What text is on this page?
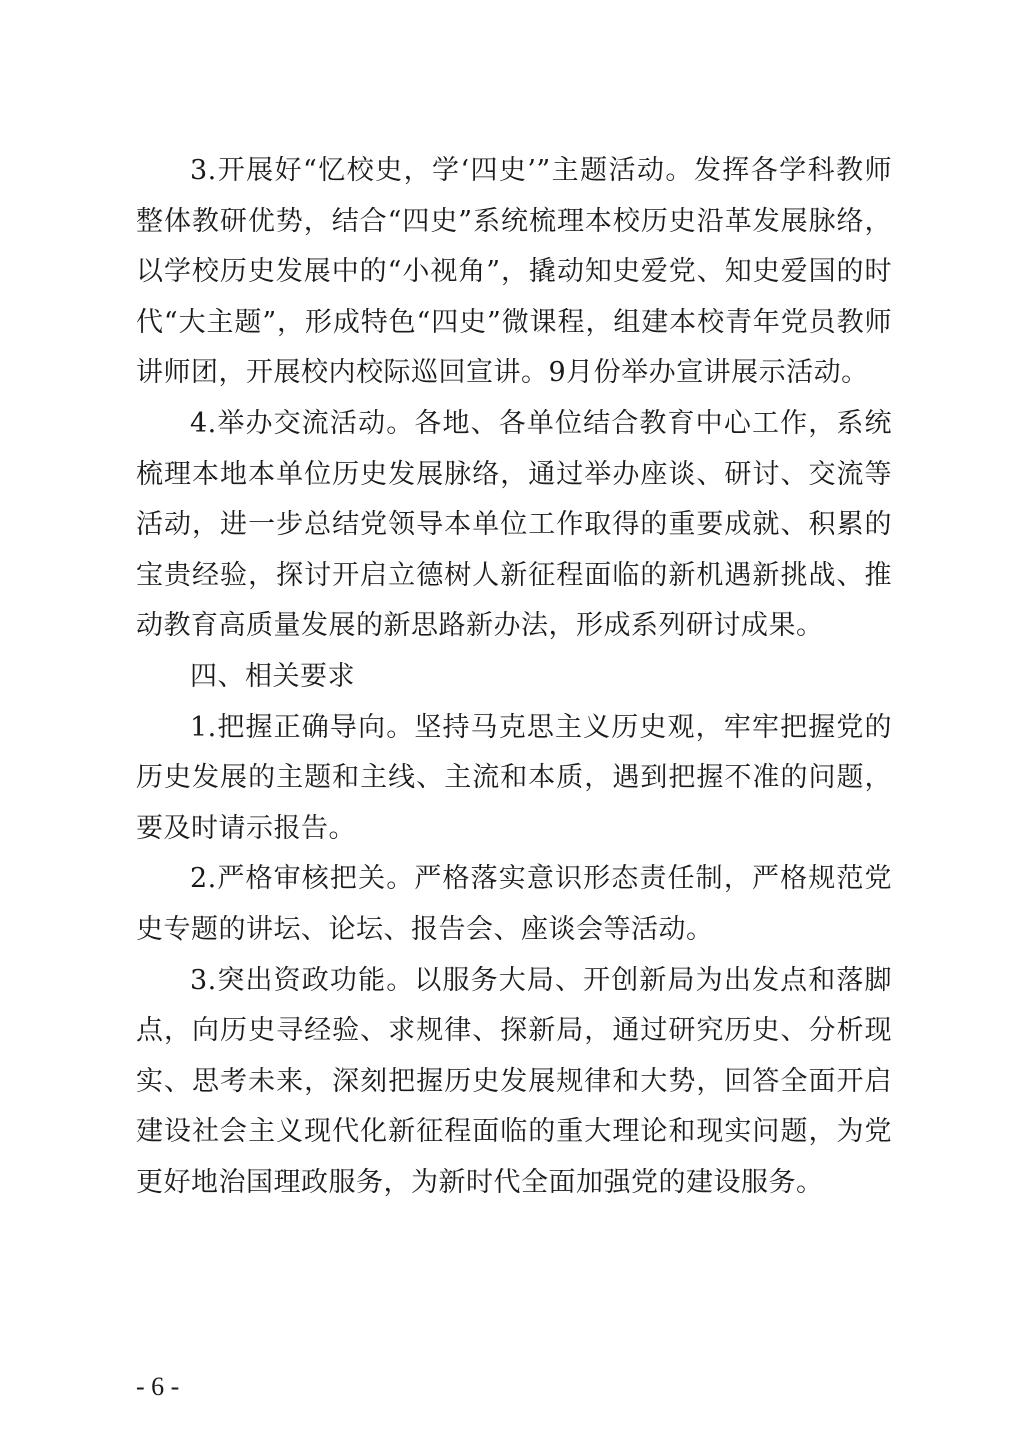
3.开展好“忆校史，学‘四史’”主题活动。发挥各学科教师整体教研优势，结合“四史”系统梳理本校历史沿革发展脉络，以学校历史发展中的“小视角”，撬动知史爱党、知史爱国的时代“大主题”，形成特色“四史”微课程，组建本校青年党员教师讲师团，开展校内校际巡回宣讲。9月份举办宣讲展示活动。

4.举办交流活动。各地、各单位结合教育中心工作，系统梳理本地本单位历史发展脉络，通过举办座谈、研讨、交流等活动，进一步总结党领导本单位工作取得的重要成就、积累的宝贵经验，探讨开启立德树人新征程面临的新机遇新挑战、推动教育高质量发展的新思路新办法，形成系列研讨成果。

四、相关要求

1.把握正确导向。坚持马克思主义历史观，牢牢把握党的历史发展的主题和主线、主流和本质，遇到把握不准的问题，要及时请示报告。

2.严格审核把关。严格落实意识形态责任制，严格规范党史专题的讲坛、论坛、报告会、座谈会等活动。

3.突出资政功能。以服务大局、开创新局为出发点和落脚点，向历史寻经验、求规律、探新局，通过研究历史、分析现实、思考未来，深刻把握历史发展规律和大势，回答全面开启建设社会主义现代化新征程面临的重大理论和现实问题，为党更好地治国理政服务，为新时代全面加强党的建设服务。

- 6 -
